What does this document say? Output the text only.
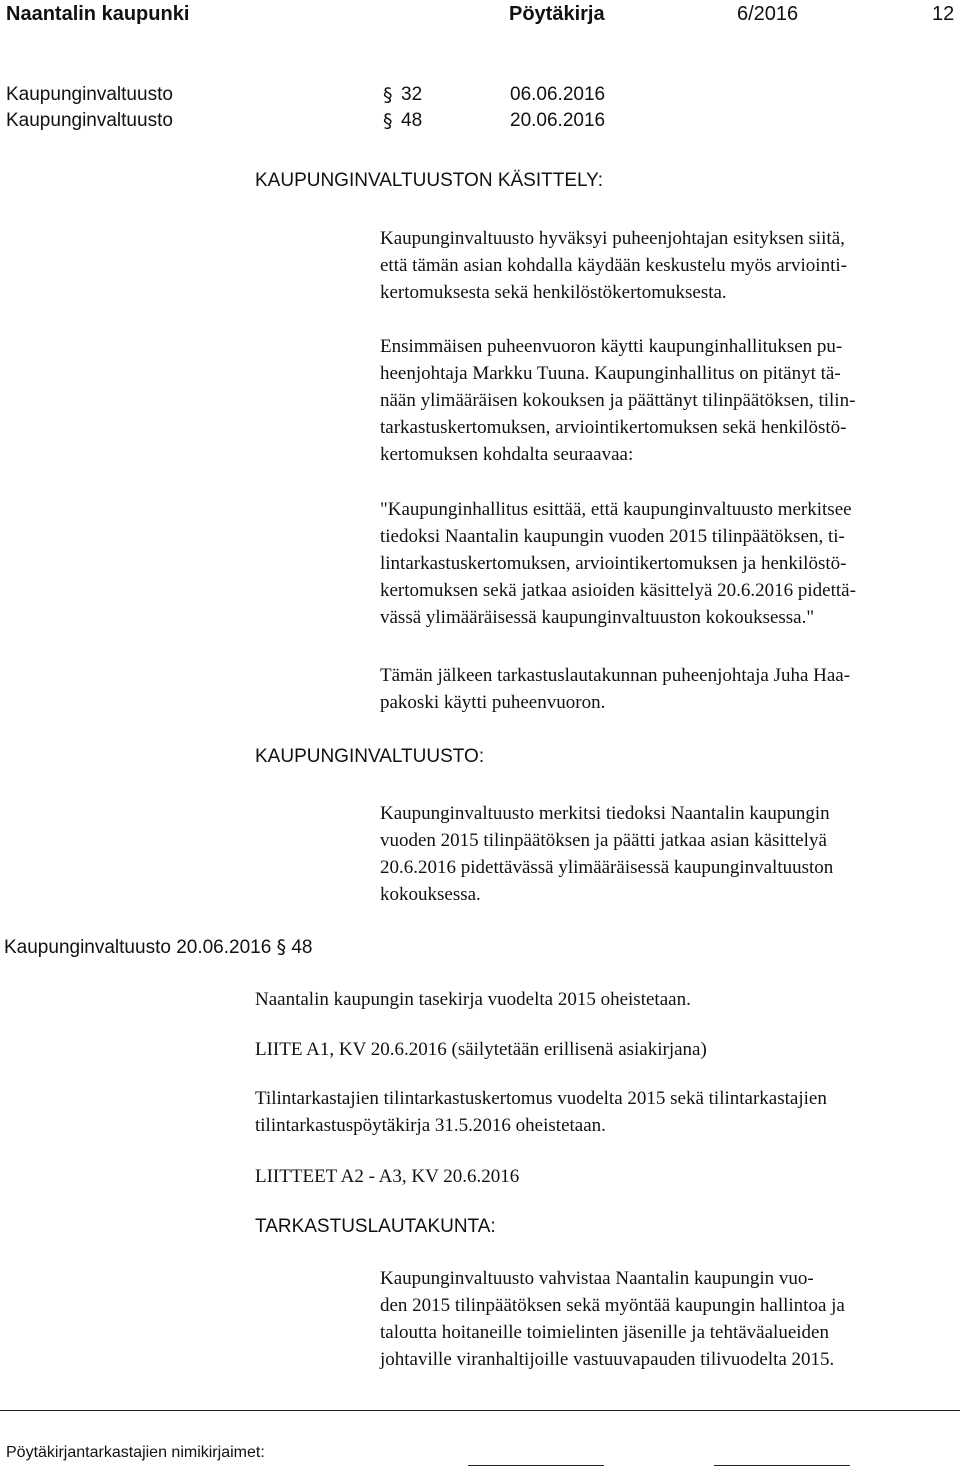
Naantalin kaupunki	Pöytäkirja	6/2016	12
Kaupunginvaltuusto	§ 32	06.06.2016
Kaupunginvaltuusto	§ 48	20.06.2016
KAUPUNGINVALTUUSTON KÄSITTELY:
Kaupunginvaltuusto hyväksyi puheenjohtajan esityksen siitä,
että tämän asian kohdalla käydään keskustelu myös arviointi-
kertomuksesta sekä henkilöstökertomuksesta.
Ensimmäisen puheenvuoron käytti kaupunginhallituksen pu-
heenjohtaja Markku Tuuna. Kaupunginhallitus on pitänyt tä-
nään ylimääräisen kokouksen ja päättänyt tilinpäätöksen, tilin-
tarkastuskertomuksen, arviointikertomuksen sekä henkilöstö-
kertomuksen kohdalta seuraavaa:
"Kaupunginhallitus esittää, että kaupunginvaltuusto merkitsee
tiedoksi Naantalin kaupungin vuoden 2015 tilinpäätöksen, ti-
lintarkastuskertomuksen, arviointikertomuksen ja henkilöstö-
kertomuksen sekä jatkaa asioiden käsittelyä 20.6.2016 pidettä-
vässä ylimääräisessä kaupunginvaltuuston kokouksessa."
Tämän jälkeen tarkastuslautakunnan puheenjohtaja Juha Haa-
pakoski käytti puheenvuoron.
KAUPUNGINVALTUUSTO:
Kaupunginvaltuusto merkitsi tiedoksi Naantalin kaupungin
vuoden 2015 tilinpäätöksen ja päätti jatkaa asian käsittelyä
20.6.2016 pidettävässä ylimääräisessä kaupunginvaltuuston
kokouksessa.
Kaupunginvaltuusto 20.06.2016 § 48
Naantalin kaupungin tasekirja vuodelta 2015 oheistetaan.
LIITE A1, KV 20.6.2016 (säilytetään erillisenä asiakirjana)
Tilintarkastajien tilintarkastuskertomus vuodelta 2015 sekä tilintarkastajien
tilintarkastuspöytäkirja 31.5.2016 oheistetaan.
LIITTEET A2 - A3, KV 20.6.2016
TARKASTUSLAUTAKUNTA:
Kaupunginvaltuusto vahvistaa Naantalin kaupungin vuo-
den 2015 tilinpäätöksen sekä myöntää kaupungin hallintoa ja
taloutta hoitaneille toimielinten jäsenille ja tehtäväalueiden
johtaville viranhaltijoille vastuuvapauden tilivuodelta 2015.
Pöytäkirjantarkastajien nimikirjaimet:
